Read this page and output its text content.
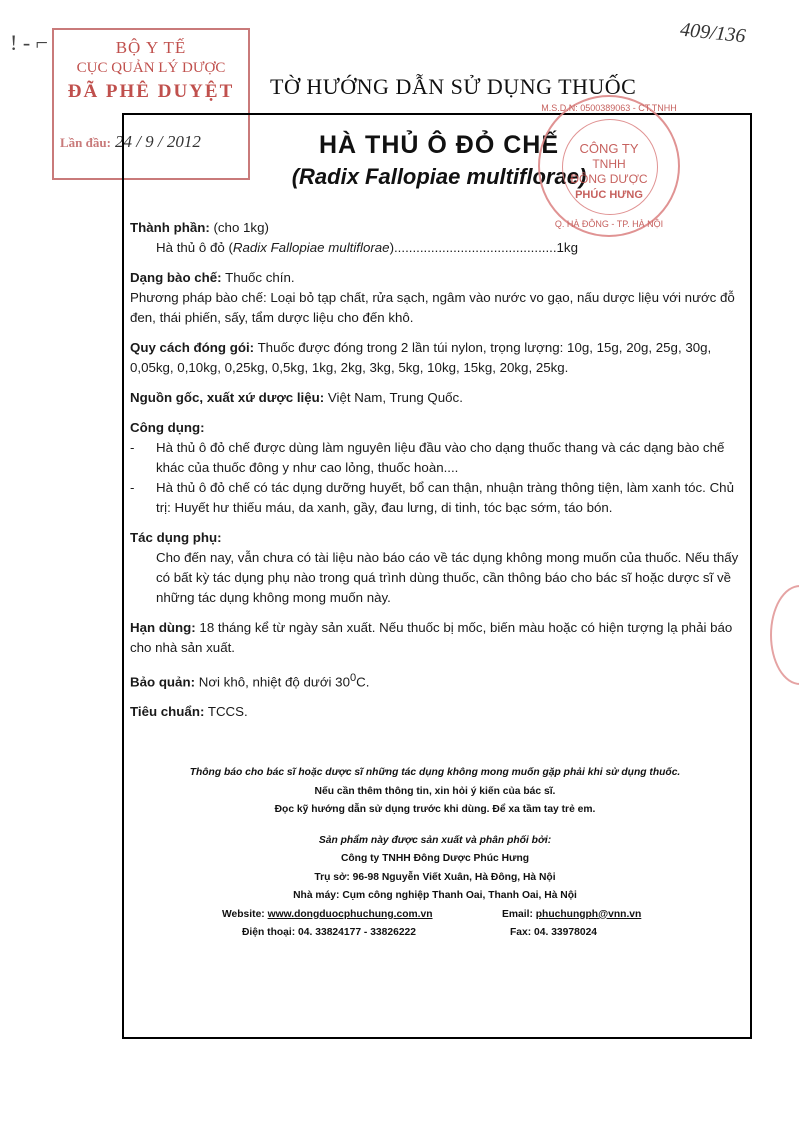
! - ⌐	409/136
BỘ Y TẾ
CỤC QUẢN LÝ DƯỢC
ĐÃ PHÊ DUYỆT
Lần đầu: 24 / 9 / 2012
TỜ HƯỚNG DẪN SỬ DỤNG THUỐC
HÀ THỦ Ô ĐỎ CHẾ
(Radix Fallopiae multiflorae)
M.S.D.N: 0500389063 - CT.TNHH
CÔNG TY
TNHH
ĐÔNG DƯỢC
PHÚC HƯNG
Q. HÀ ĐÔNG - TP. HÀ NỘI

Thành phần: (cho 1kg)

Hà thủ ô đỏ (Radix Fallopiae multiflorae)............................................1kg

Dạng bào chế: Thuốc chín.

Phương pháp bào chế: Loại bỏ tạp chất, rửa sạch, ngâm vào nước vo gạo, nấu dược liệu với nước đỗ đen, thái phiến, sấy, tẩm dược liệu cho đến khô.

Quy cách đóng gói: Thuốc được đóng trong 2 lần túi nylon, trọng lượng: 10g, 15g, 20g, 25g, 30g, 0,05kg, 0,10kg, 0,25kg, 0,5kg, 1kg, 2kg, 3kg, 5kg, 10kg, 15kg, 20kg, 25kg.

Nguồn gốc, xuất xứ dược liệu: Việt Nam, Trung Quốc.

Công dụng:

- Hà thủ ô đỏ chế được dùng làm nguyên liệu đầu vào cho dạng thuốc thang và các dạng bào chế khác của thuốc đông y như cao lỏng, thuốc hoàn....

- Hà thủ ô đỏ chế có tác dụng dưỡng huyết, bổ can thận, nhuận tràng thông tiện, làm xanh tóc. Chủ trị: Huyết hư thiếu máu, da xanh, gầy, đau lưng, di tinh, tóc bạc sớm, táo bón.

Tác dụng phụ:

Cho đến nay, vẫn chưa có tài liệu nào báo cáo về tác dụng không mong muốn của thuốc. Nếu thấy có bất kỳ tác dụng phụ nào trong quá trình dùng thuốc, cần thông báo cho bác sĩ hoặc dược sĩ về những tác dụng không mong muốn này.

Hạn dùng: 18 tháng kể từ ngày sản xuất. Nếu thuốc bị mốc, biến màu hoặc có hiện tượng lạ phải báo cho nhà sản xuất.

Bảo quản: Nơi khô, nhiệt độ dưới $30^0C$.

Tiêu chuẩn: TCCS.

Thông báo cho bác sĩ hoặc dược sĩ những tác dụng không mong muốn gặp phải khi sử dụng thuốc.
Nếu cần thêm thông tin, xin hỏi ý kiến của bác sĩ.
Đọc kỹ hướng dẫn sử dụng trước khi dùng. Để xa tầm tay trẻ em.
Sản phẩm này được sản xuất và phân phối bởi:
Công ty TNHH Đông Dược Phúc Hưng
Trụ sở: 96-98 Nguyễn Viết Xuân, Hà Đông, Hà Nội
Nhà máy: Cụm công nghiệp Thanh Oai, Thanh Oai, Hà Nội
Website: www.dongduocphuchung.com.vn	Email: phuchungph@vnn.vn
Điện thoại: 04. 33824177 - 33826222	Fax: 04. 33978024
